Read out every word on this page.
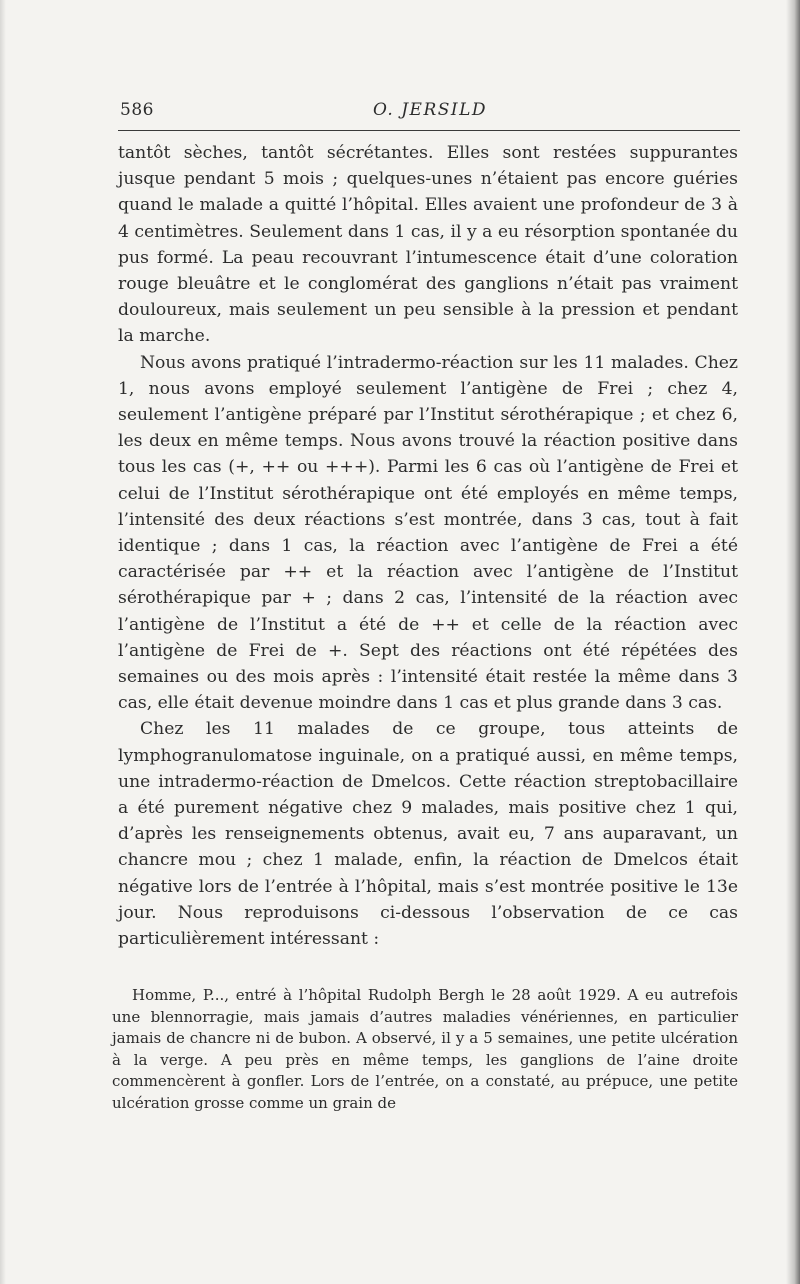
586	O. JERSILD

tantôt sèches, tantôt sécrétantes. Elles sont restées suppurantes jusque pendant 5 mois ; quelques-unes n’étaient pas encore guéries quand le malade a quitté l’hôpital. Elles avaient une profondeur de 3 à 4 centimètres. Seulement dans 1 cas, il y a eu résorption spontanée du pus formé. La peau recouvrant l’intumescence était d’une coloration rouge bleuâtre et le conglomérat des ganglions n’était pas vraiment douloureux, mais seulement un peu sensible à la pression et pendant la marche.

Nous avons pratiqué l’intradermo-réaction sur les 11 malades. Chez 1, nous avons employé seulement l’antigène de Frei ; chez 4, seulement l’antigène préparé par l’Institut sérothérapique ; et chez 6, les deux en même temps. Nous avons trouvé la réaction positive dans tous les cas (+, ++ ou +++). Parmi les 6 cas où l’antigène de Frei et celui de l’Institut sérothérapique ont été employés en même temps, l’intensité des deux réactions s’est montrée, dans 3 cas, tout à fait identique ; dans 1 cas, la réaction avec l’antigène de Frei a été caractérisée par ++ et la réaction avec l’antigène de l’Institut sérothérapique par + ; dans 2 cas, l’intensité de la réaction avec l’antigène de l’Institut a été de ++ et celle de la réaction avec l’antigène de Frei de +. Sept des réactions ont été répétées des semaines ou des mois après : l’intensité était restée la même dans 3 cas, elle était devenue moindre dans 1 cas et plus grande dans 3 cas.

Chez les 11 malades de ce groupe, tous atteints de lymphogranulomatose inguinale, on a pratiqué aussi, en même temps, une intradermo-réaction de Dmelcos. Cette réaction streptobacillaire a été purement négative chez 9 malades, mais positive chez 1 qui, d’après les renseignements obtenus, avait eu, 7 ans auparavant, un chancre mou ; chez 1 malade, enfin, la réaction de Dmelcos était négative lors de l’entrée à l’hôpital, mais s’est montrée positive le 13e jour. Nous reproduisons ci-dessous l’observation de ce cas particulièrement intéressant :

Homme, P..., entré à l’hôpital Rudolph Bergh le 28 août 1929. A eu autrefois une blennorragie, mais jamais d’autres maladies vénériennes, en particulier jamais de chancre ni de bubon. A observé, il y a 5 semaines, une petite ulcération à la verge. A peu près en même temps, les ganglions de l’aine droite commencèrent à gonfler. Lors de l’entrée, on a constaté, au prépuce, une petite ulcération grosse comme un grain de
